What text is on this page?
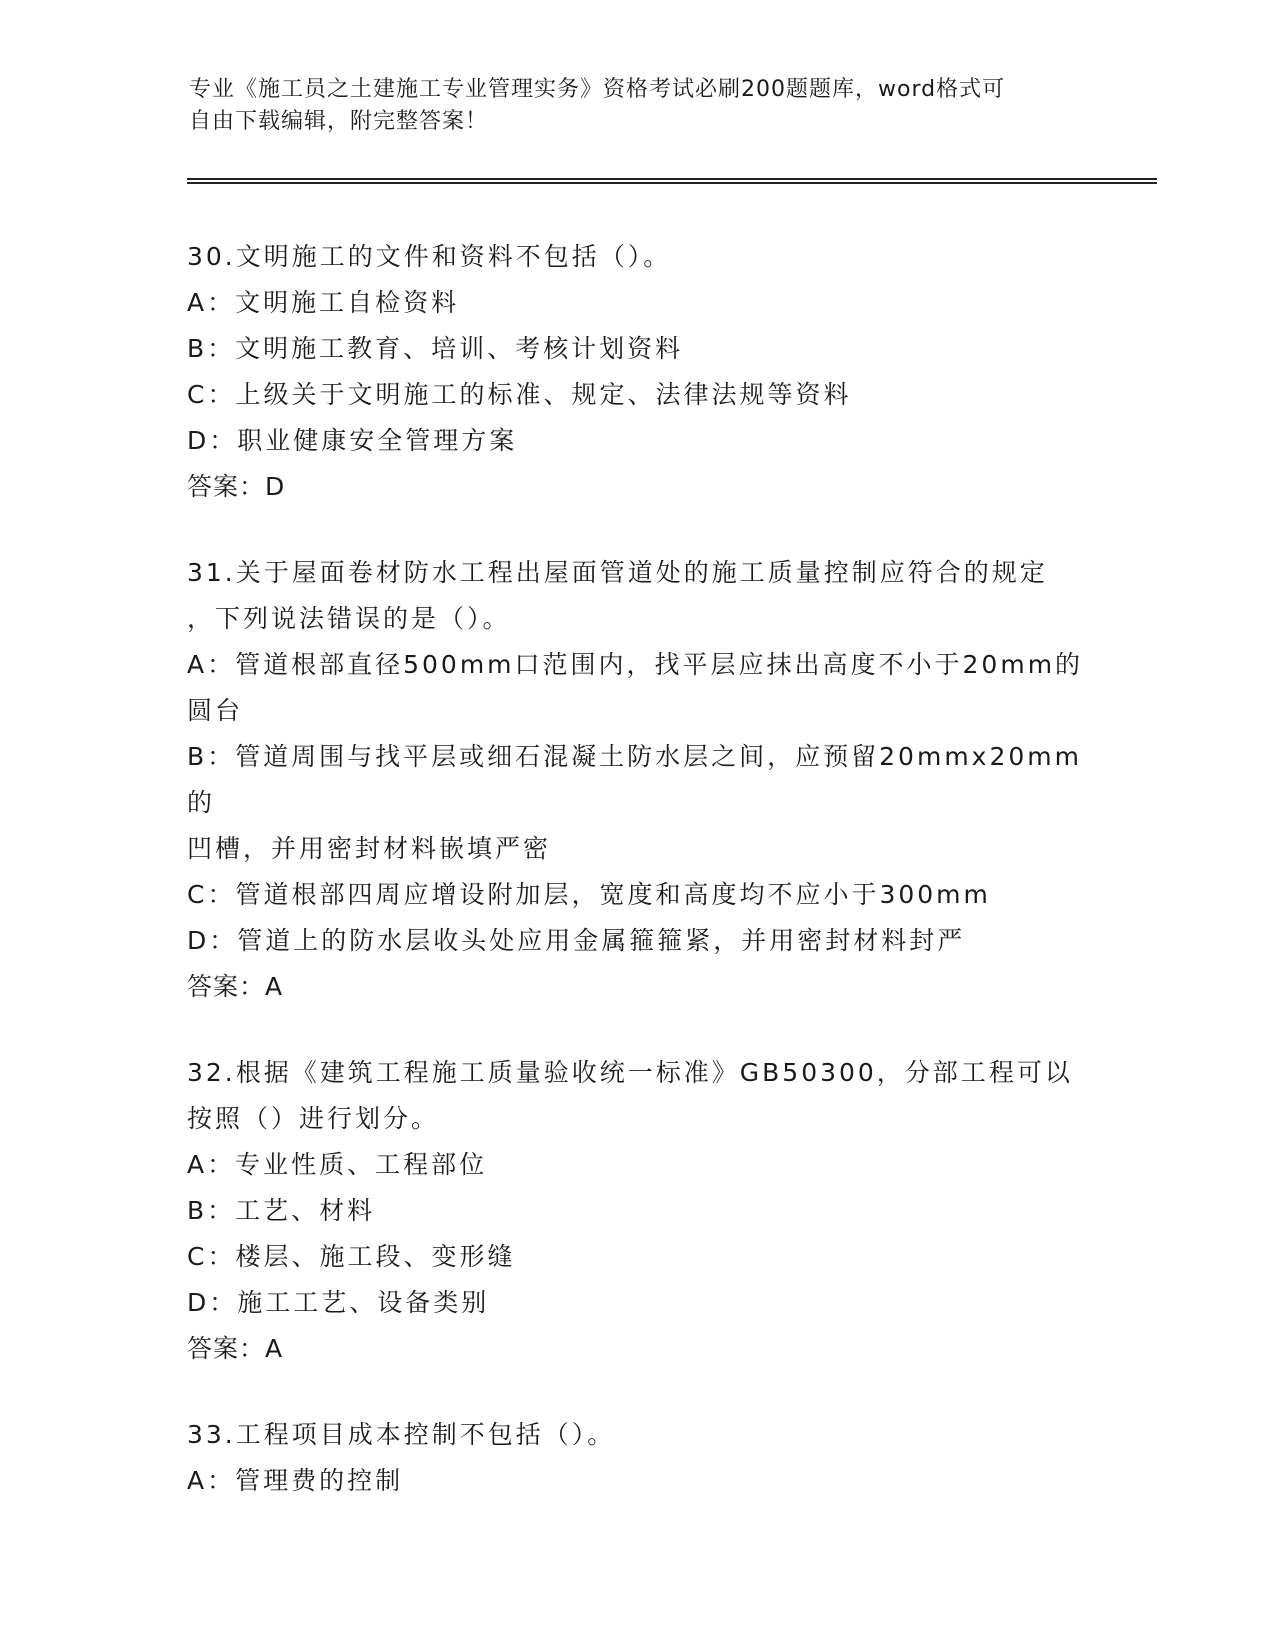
专业《施工员之土建施工专业管理实务》资格考试必刷200题题库，word格式可
自由下载编辑，附完整答案！
30.文明施工的文件和资料不包括（）。
A：文明施工自检资料
B：文明施工教育、培训、考核计划资料
C：上级关于文明施工的标准、规定、法律法规等资料
D：职业健康安全管理方案
答案：D
31.关于屋面卷材防水工程出屋面管道处的施工质量控制应符合的规定
，下列说法错误的是（）。
A：管道根部直径500mm口范围内，找平层应抹出高度不小于20mm的
圆台
B：管道周围与找平层或细石混凝土防水层之间，应预留20mmx20mm的
凹槽，并用密封材料嵌填严密
C：管道根部四周应增设附加层，宽度和高度均不应小于300mm
D：管道上的防水层收头处应用金属箍箍紧，并用密封材料封严
答案：A
32.根据《建筑工程施工质量验收统一标准》GB50300，分部工程可以
按照（）进行划分。
A：专业性质、工程部位
B：工艺、材料
C：楼层、施工段、变形缝
D：施工工艺、设备类别
答案：A
33.工程项目成本控制不包括（）。
A：管理费的控制
